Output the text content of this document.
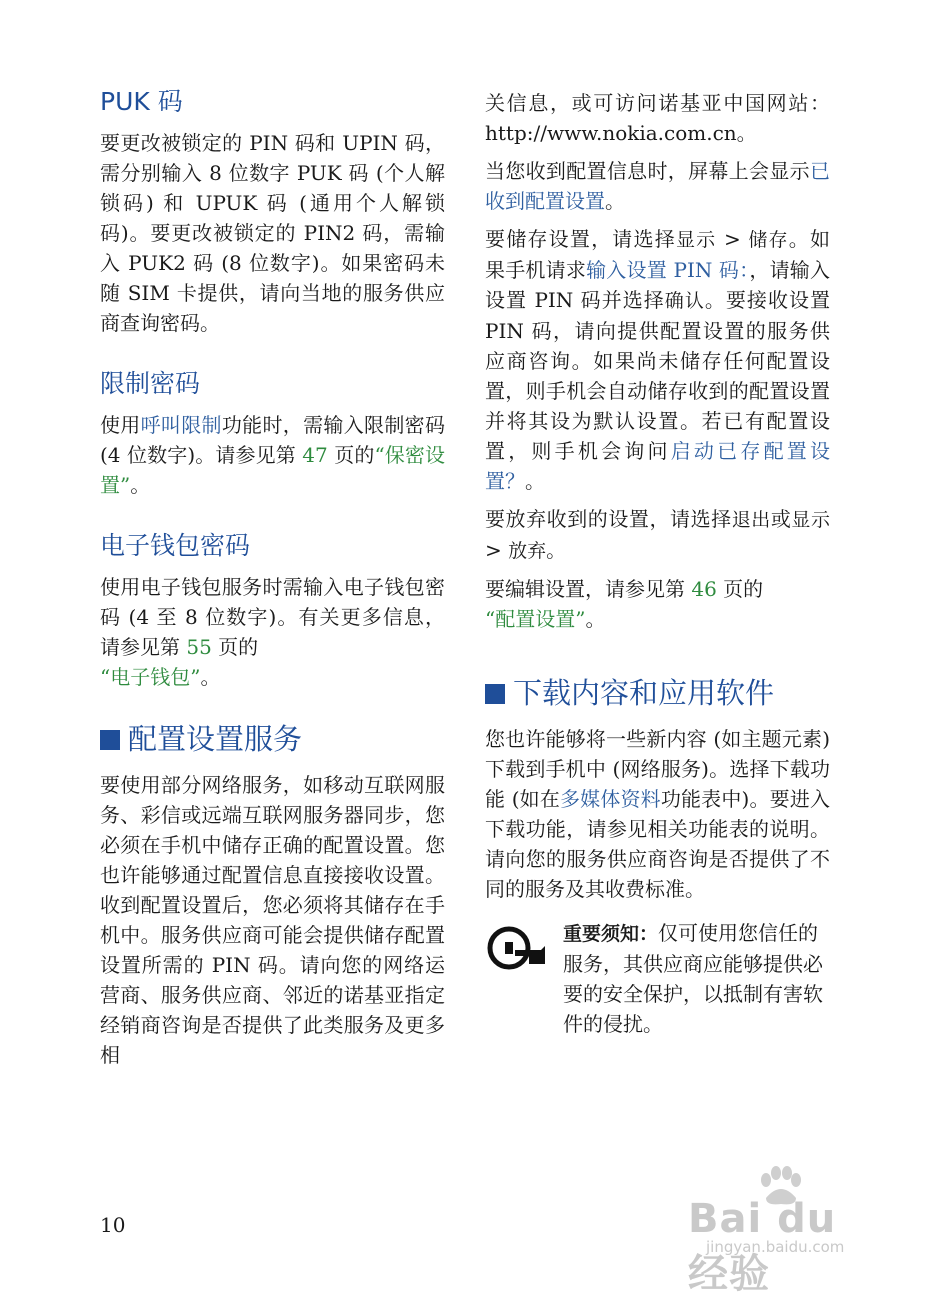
PUK 码

要更改被锁定的 PIN 码和 UPIN 码，需分别输入 8 位数字 PUK 码 (个人解锁码) 和 UPUK 码 (通用个人解锁码)。要更改被锁定的 PIN2 码，需输入 PUK2 码 (8 位数字)。如果密码未随 SIM 卡提供，请向当地的服务供应商查询密码。

限制密码

使用呼叫限制功能时，需输入限制密码 (4 位数字)。请参见第 47 页的“保密设置”。

电子钱包密码

使用电子钱包服务时需输入电子钱包密码 (4 至 8 位数字)。有关更多信息，请参见第 55 页的
“电子钱包”。

配置设置服务

要使用部分网络服务，如移动互联网服务、彩信或远端互联网服务器同步，您必须在手机中储存正确的配置设置。您也许能够通过配置信息直接接收设置。收到配置设置后，您必须将其储存在手机中。服务供应商可能会提供储存配置设置所需的 PIN 码。请向您的网络运营商、服务供应商、邻近的诺基亚指定经销商咨询是否提供了此类服务及更多相

关信息，或可访问诺基亚中国网站：http://www.nokia.com.cn。

当您收到配置信息时，屏幕上会显示已收到配置设置。

要储存设置，请选择显示 > 储存。如果手机请求输入设置 PIN 码：，请输入设置 PIN 码并选择确认。要接收设置 PIN 码，请向提供配置设置的服务供应商咨询。如果尚未储存任何配置设置，则手机会自动储存收到的配置设置并将其设为默认设置。若已有配置设置，则手机会询问启动已存配置设置？。

要放弃收到的设置，请选择退出或显示 > 放弃。

要编辑设置，请参见第 46 页的
“配置设置”。

下载内容和应用软件

您也许能够将一些新内容 (如主题元素) 下载到手机中 (网络服务)。选择下载功能 (如在多媒体资料功能表中)。要进入下载功能，请参见相关功能表的说明。请向您的服务供应商咨询是否提供了不同的服务及其收费标准。

重要须知：仅可使用您信任的服务，其供应商应能够提供必要的安全保护，以抵制有害软件的侵扰。

10	Bai du 经验
jingyan.baidu.com
